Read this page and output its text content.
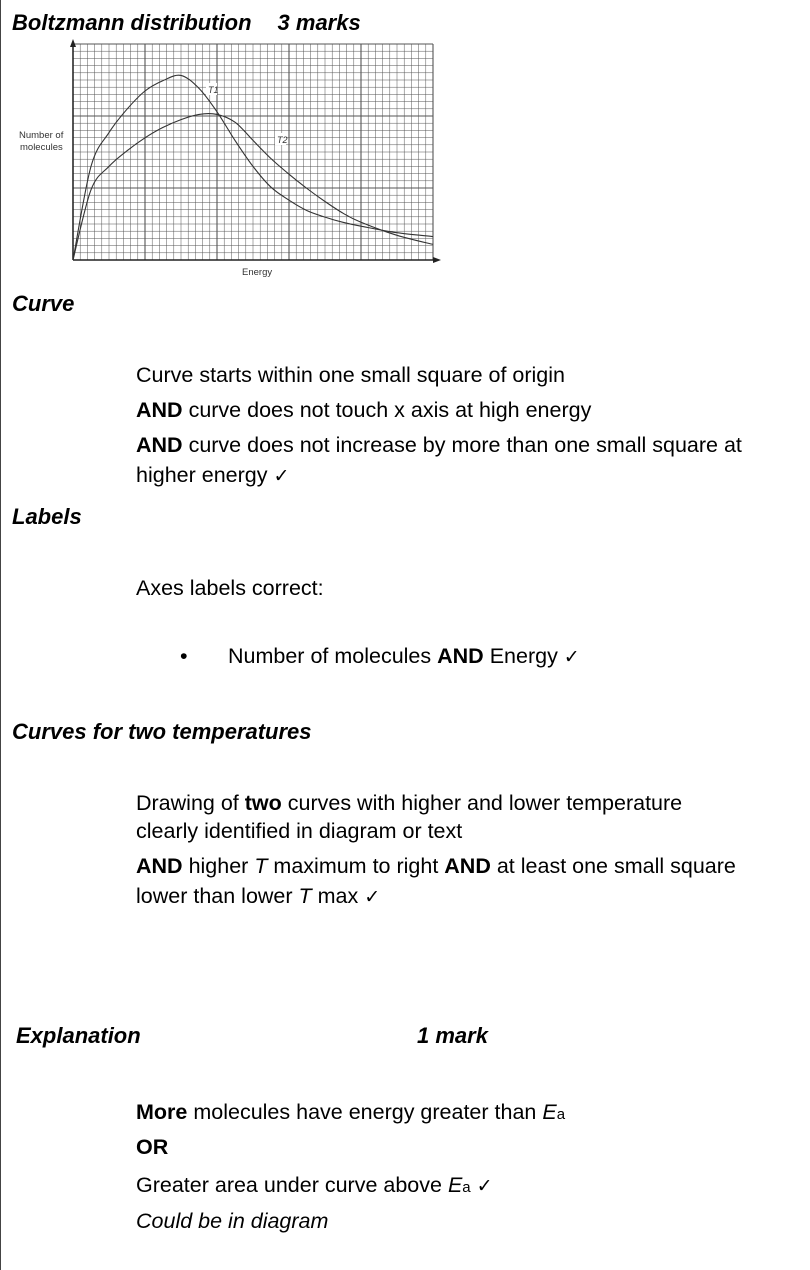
Boltzmann distribution 3 marks
T1
T2
Number of
molecules
Energy
Curve
Curve starts within one small square of origin
AND curve does not touch x axis at high energy
AND curve does not increase by more than one small square at
higher energy ✓
Labels
Axes labels correct:
• Number of molecules AND Energy ✓
Curves for two temperatures
Drawing of two curves with higher and lower temperature
clearly identified in diagram or text
AND higher T maximum to right AND at least one small square
lower than lower T max ✓
Explanation	1 mark
More molecules have energy greater than Ea
OR
Greater area under curve above Ea ✓
Could be in diagram
